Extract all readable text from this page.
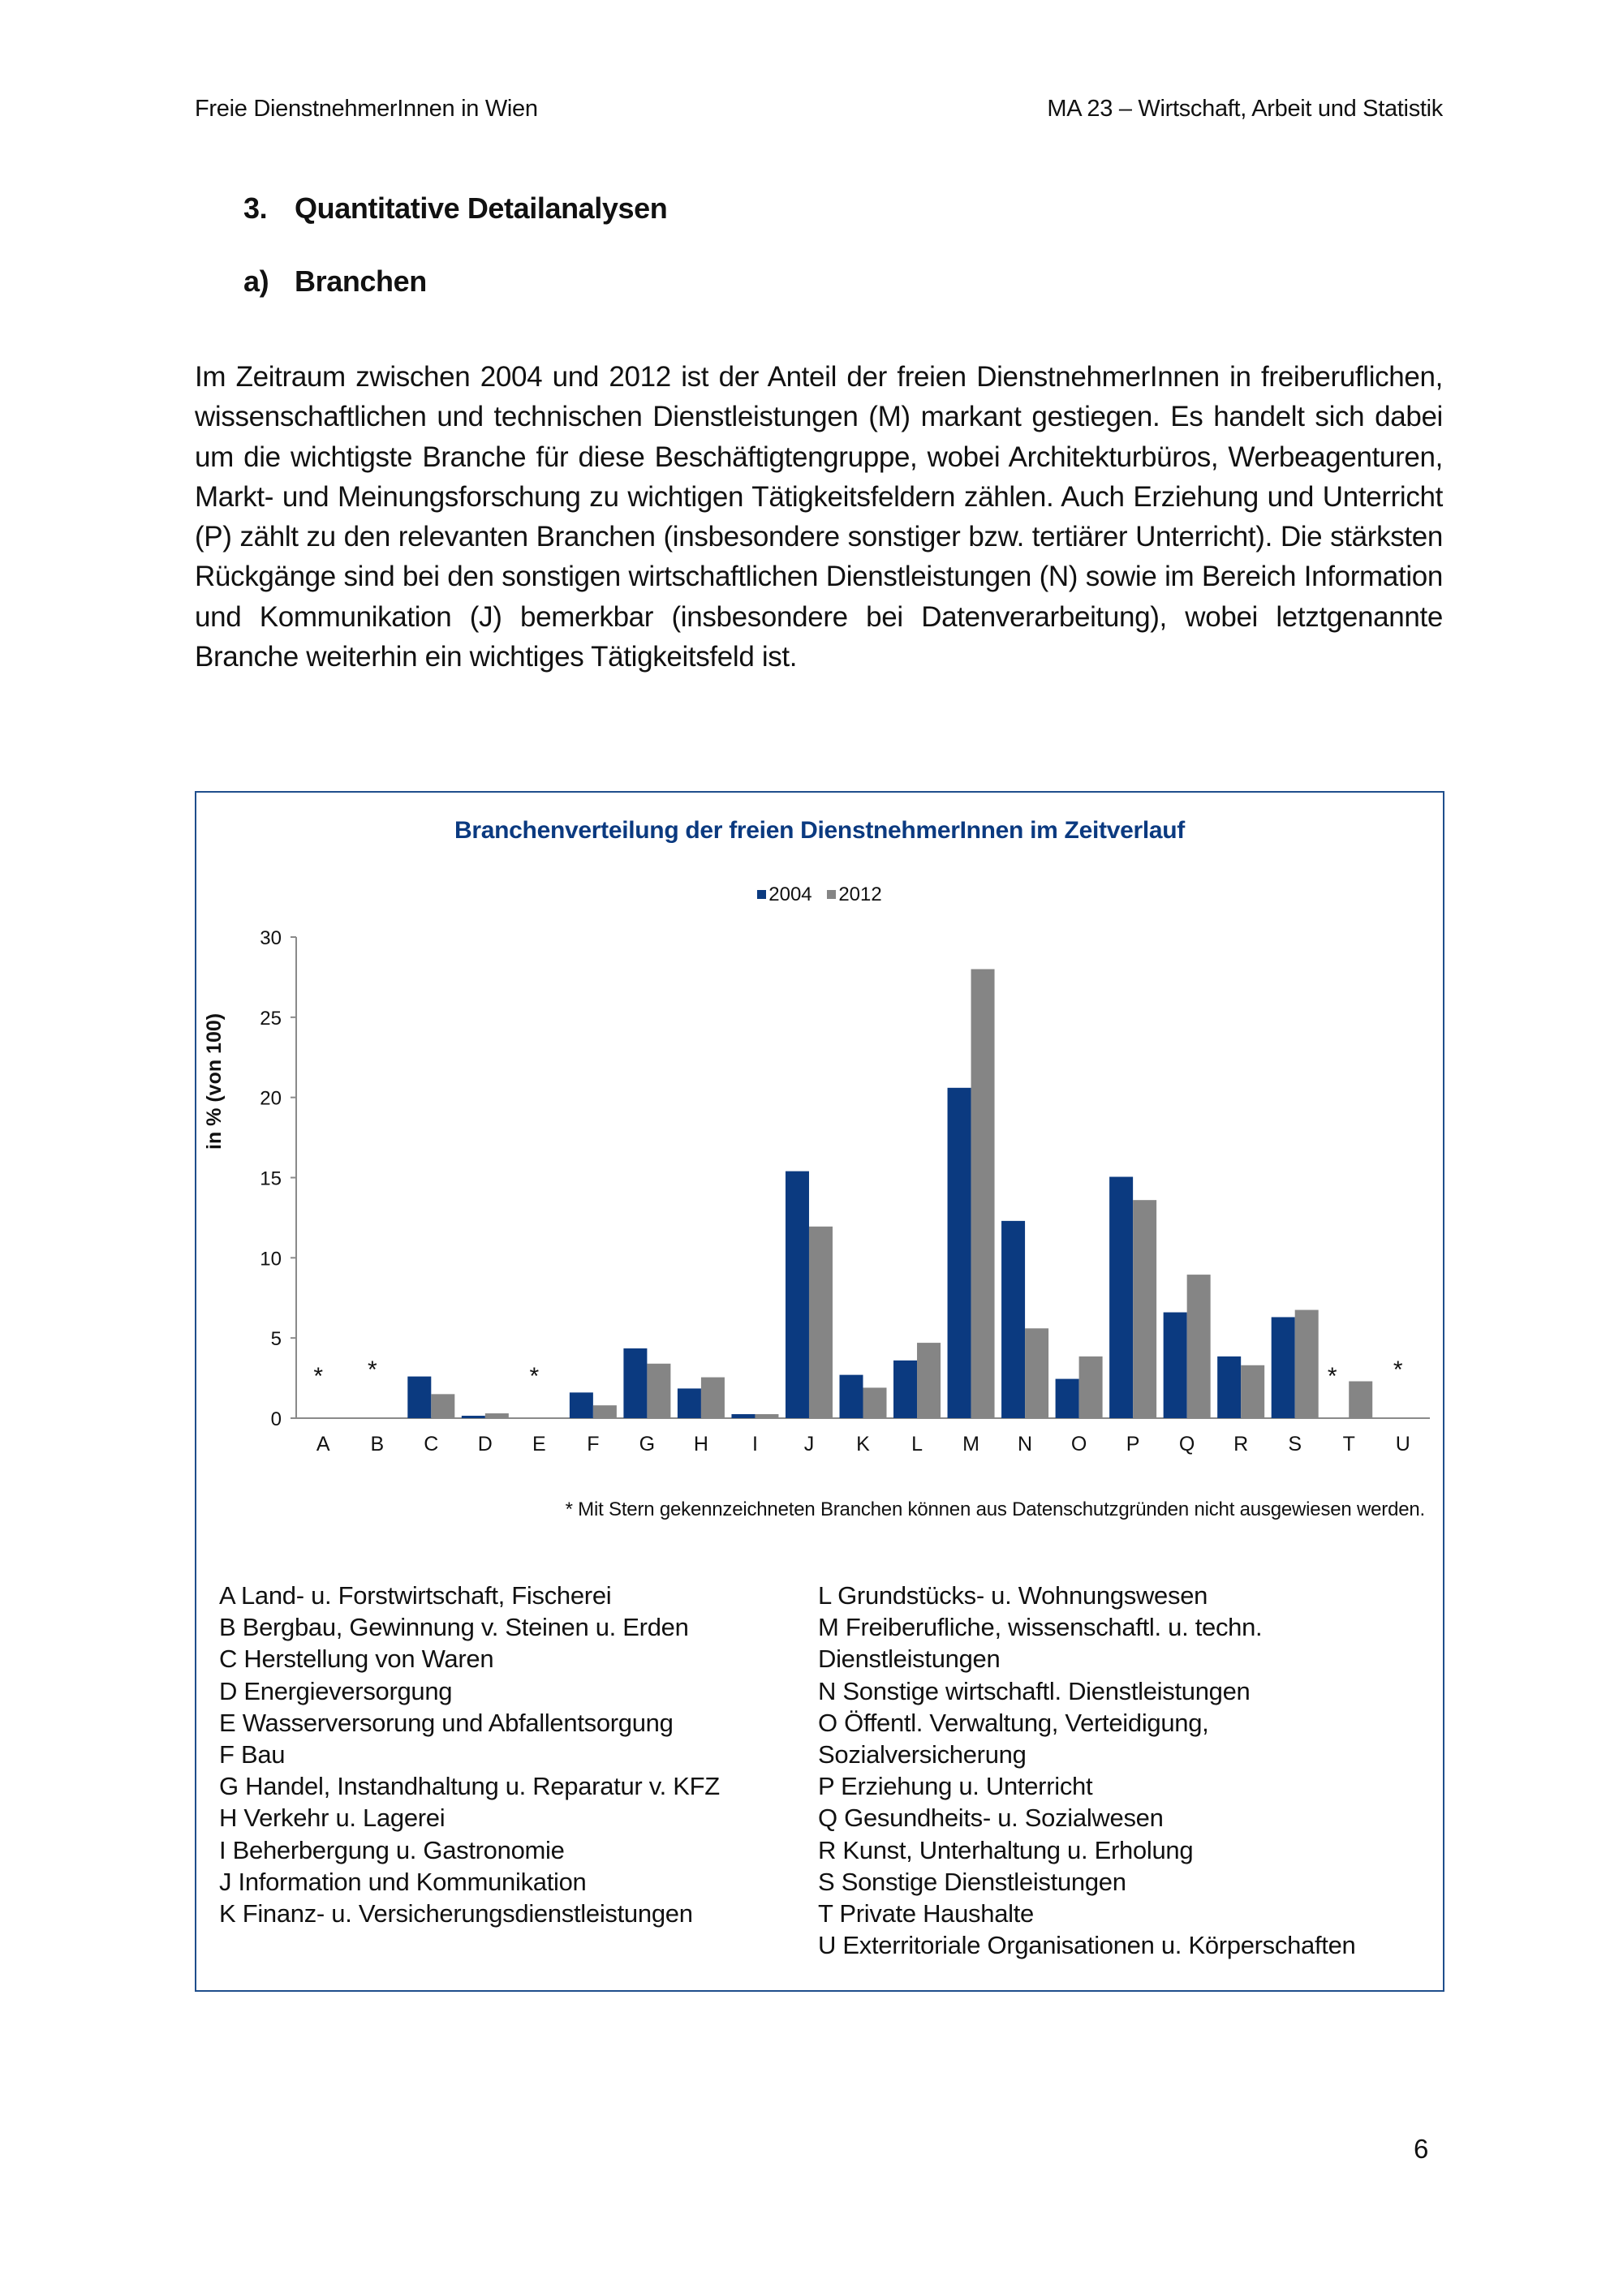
Freie DienstnehmerInnen in Wien	MA 23 – Wirtschaft, Arbeit und Statistik
3. Quantitative Detailanalysen
a) Branchen
Im Zeitraum zwischen 2004 und 2012 ist der Anteil der freien DienstnehmerInnen in freiberuflichen, wissenschaftlichen und technischen Dienstleistungen (M) markant gestiegen. Es handelt sich dabei um die wichtigste Branche für diese Beschäftigtengruppe, wobei Architekturbüros, Werbeagenturen, Markt- und Meinungsforschung zu wichtigen Tätigkeitsfeldern zählen. Auch Erziehung und Unterricht (P) zählt zu den relevanten Branchen (insbesondere sonstiger bzw. tertiärer Unterricht). Die stärksten Rückgänge sind bei den sonstigen wirtschaftlichen Dienstleistungen (N) sowie im Bereich Information und Kommunikation (J) bemerkbar (insbesondere bei Datenverarbeitung), wobei letztgenannte Branche weiterhin ein wichtiges Tätigkeitsfeld ist.
Branchenverteilung der freien DienstnehmerInnen im Zeitverlauf
2004
2012
in % (von 100)
0
5
10
15
20
25
30
A
*
B
*
C D E
*
F G H I J K L M N O P Q R S T
*
U
*
* Mit Stern gekennzeichneten Branchen können aus Datenschutzgründen nicht ausgewiesen werden.
A Land- u. Forstwirtschaft, Fischerei
B Bergbau, Gewinnung v. Steinen u. Erden
C Herstellung von Waren
D Energieversorgung
E Wasserversorung und Abfallentsorgung
F Bau
G Handel, Instandhaltung u. Reparatur v. KFZ
H Verkehr u. Lagerei
I Beherbergung u. Gastronomie
J Information und Kommunikation
K Finanz- u. Versicherungsdienstleistungen
L Grundstücks- u. Wohnungswesen
M Freiberufliche, wissenschaftl. u. techn.
Dienstleistungen
N Sonstige wirtschaftl. Dienstleistungen
O Öffentl. Verwaltung, Verteidigung,
Sozialversicherung
P Erziehung u. Unterricht
Q Gesundheits- u. Sozialwesen
R Kunst, Unterhaltung u. Erholung
S Sonstige Dienstleistungen
T Private Haushalte
U Exterritoriale Organisationen u. Körperschaften
6
